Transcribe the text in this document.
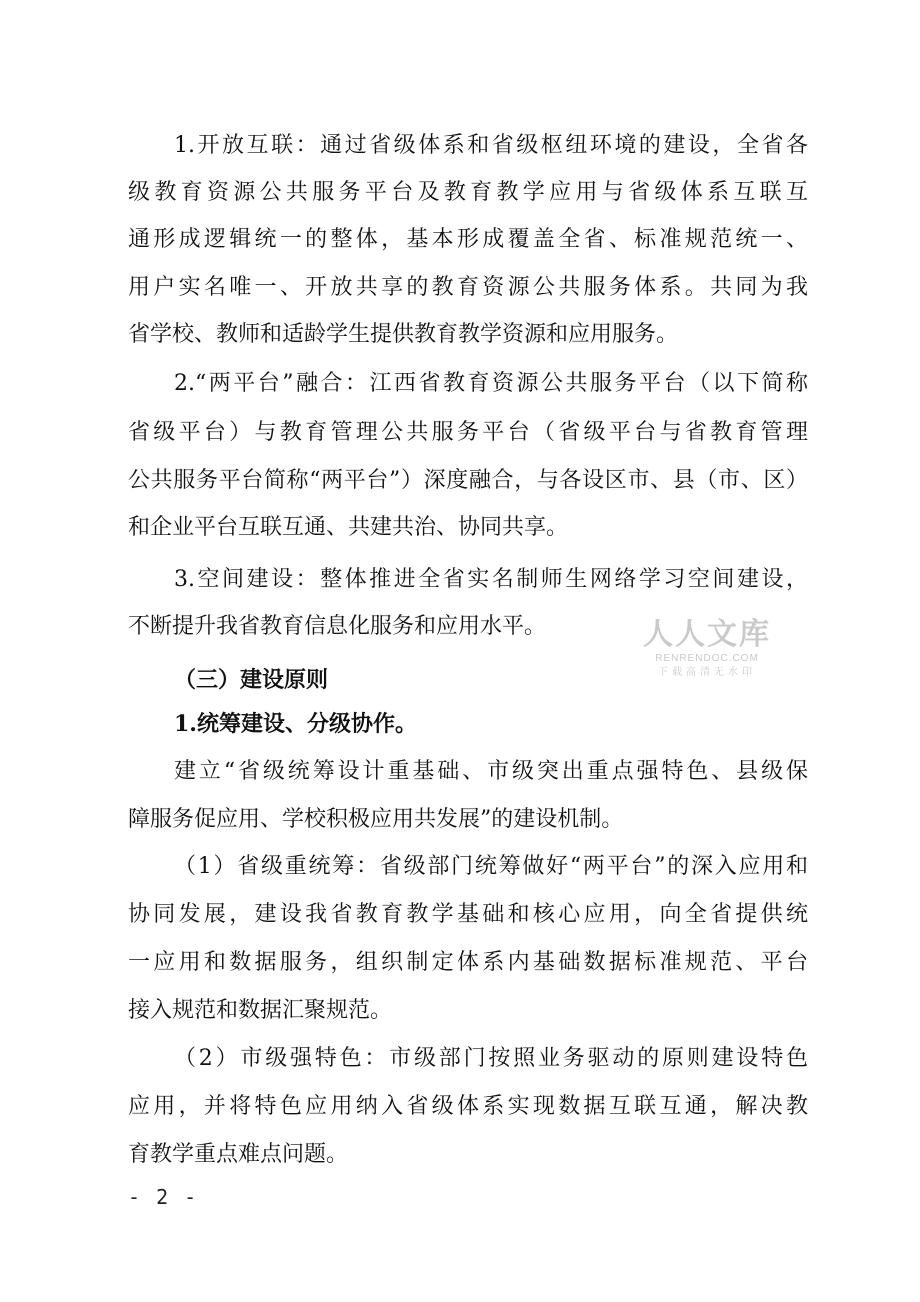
1.开放互联：通过省级体系和省级枢纽环境的建设，全省各
级教育资源公共服务平台及教育教学应用与省级体系互联互
通形成逻辑统一的整体，基本形成覆盖全省、标准规范统一、
用户实名唯一、开放共享的教育资源公共服务体系。共同为我
省学校、教师和适龄学生提供教育教学资源和应用服务。
2.“两平台”融合：江西省教育资源公共服务平台（以下简称
省级平台）与教育管理公共服务平台（省级平台与省教育管理
公共服务平台简称“两平台”）深度融合，与各设区市、县（市、区）
和企业平台互联互通、共建共治、协同共享。
3.空间建设：整体推进全省实名制师生网络学习空间建设，
不断提升我省教育信息化服务和应用水平。
（三）建设原则
1.统筹建设、分级协作。
建立“省级统筹设计重基础、市级突出重点强特色、县级保
障服务促应用、学校积极应用共发展”的建设机制。
（1）省级重统筹：省级部门统筹做好“两平台”的深入应用和
协同发展，建设我省教育教学基础和核心应用，向全省提供统
一应用和数据服务，组织制定体系内基础数据标准规范、平台
接入规范和数据汇聚规范。
（2）市级强特色：市级部门按照业务驱动的原则建设特色
应用，并将特色应用纳入省级体系实现数据互联互通，解决教
育教学重点难点问题。
- 2 -
人人文库
RENRENDOC.COM
下载高清无水印
